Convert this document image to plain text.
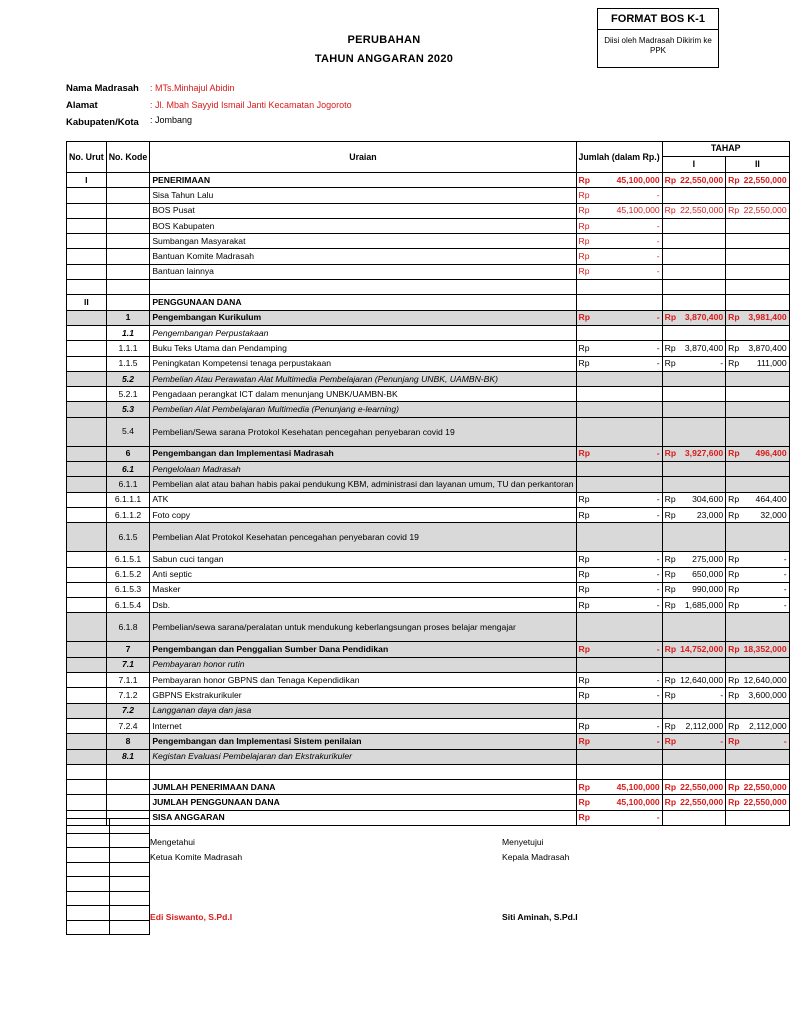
FORMAT BOS K-1
Diisi oleh Madrasah Dikirim ke PPK
PERUBAHAN
TAHUN ANGGARAN 2020
Nama Madrasah : MTs.Minhajul Abidin
Alamat	: Jl. Mbah Sayyid Ismail Janti Kecamatan Jogoroto
Kabupaten/Kota : Jombang
No. Urut	No. Kode	Uraian	Jumlah (dalam Rp.)		TAHAP			
					I		II	
I		PENERIMAAN	Rp	45,100,000	Rp	22,550,000	Rp	22,550,000
		Sisa Tahun Lalu	Rp	-				
		BOS Pusat	Rp	45,100,000	Rp	22,550,000	Rp	22,550,000
		BOS Kabupaten	Rp	-				
		Sumbangan Masyarakat	Rp	-				
		Bantuan Komite Madrasah	Rp	-				
		Bantuan lainnya	Rp	-				

II		PENGGUNAAN DANA						
	1	Pengembangan Kurikulum	Rp	-	Rp	3,870,400	Rp	3,981,400
	1.1	Pengembangan Perpustakaan						
	1.1.1	Buku Teks Utama dan Pendamping	Rp	-	Rp	3,870,400	Rp	3,870,400
	1.1.5	Peningkatan Kompetensi tenaga perpustakaan	Rp	-	Rp	-	Rp	111,000
	5.2	Pembelian Atau Perawatan Alat Multimedia Pembelajaran (Penunjang UNBK, UAMBN-BK)						
	5.2.1	Pengadaan perangkat ICT dalam menunjang UNBK/UAMBN-BK						
	5.3	Pembelian Alat Pembelajaran Multimedia (Penunjang e-learning)						
	5.4	Pembelian/Sewa sarana Protokol Kesehatan pencegahan penyebaran covid 19						
	6	Pengembangan dan Implementasi Madrasah	Rp	-	Rp	3,927,600	Rp	496,400
	6.1	Pengelolaan Madrasah						
	6.1.1	Pembelian alat atau bahan habis pakai pendukung KBM, administrasi dan layanan umum, TU dan perkantoran						
	6.1.1.1	ATK	Rp	-	Rp	304,600	Rp	464,400
	6.1.1.2	Foto copy	Rp	-	Rp	23,000	Rp	32,000
	6.1.5	Pembelian Alat Protokol Kesehatan pencegahan penyebaran covid 19						
	6.1.5.1	Sabun cuci tangan	Rp	-	Rp	275,000	Rp	-
	6.1.5.2	Anti septic	Rp	-	Rp	650,000	Rp	-
	6.1.5.3	Masker	Rp	-	Rp	990,000	Rp	-
	6.1.5.4	Dsb.	Rp	-	Rp	1,685,000	Rp	-
	6.1.8	Pembelian/sewa sarana/peralatan untuk mendukung keberlangsungan proses belajar mengajar						
	7	Pengembangan dan Penggalian Sumber Dana Pendidikan	Rp	-	Rp	14,752,000	Rp	18,352,000
	7.1	Pembayaran honor rutin						
	7.1.1	Pembayaran honor GBPNS dan Tenaga Kependidikan	Rp	-	Rp	12,640,000	Rp	12,640,000
	7.1.2	GBPNS Ekstrakurikuler	Rp	-	Rp	-	Rp	3,600,000
	7.2	Langganan daya dan jasa						
	7.2.4	Internet	Rp	-	Rp	2,112,000	Rp	2,112,000
	8	Pengembangan dan Implementasi Sistem penilaian	Rp	-	Rp	-	Rp	-
	8.1	Kegistan Evaluasi Pembelajaran dan Ekstrakurikuler						

		JUMLAH PENERIMAAN DANA	Rp	45,100,000	Rp	22,550,000	Rp	22,550,000
		JUMLAH PENGGUNAAN DANA	Rp	45,100,000	Rp	22,550,000	Rp	22,550,000
		SISA ANGGARAN	Rp	-				

Mengetahui
Ketua Komite Madrasah
Edi Siswanto, S.Pd.I
Menyetujui
Kepala Madrasah
Siti Aminah, S.Pd.I
